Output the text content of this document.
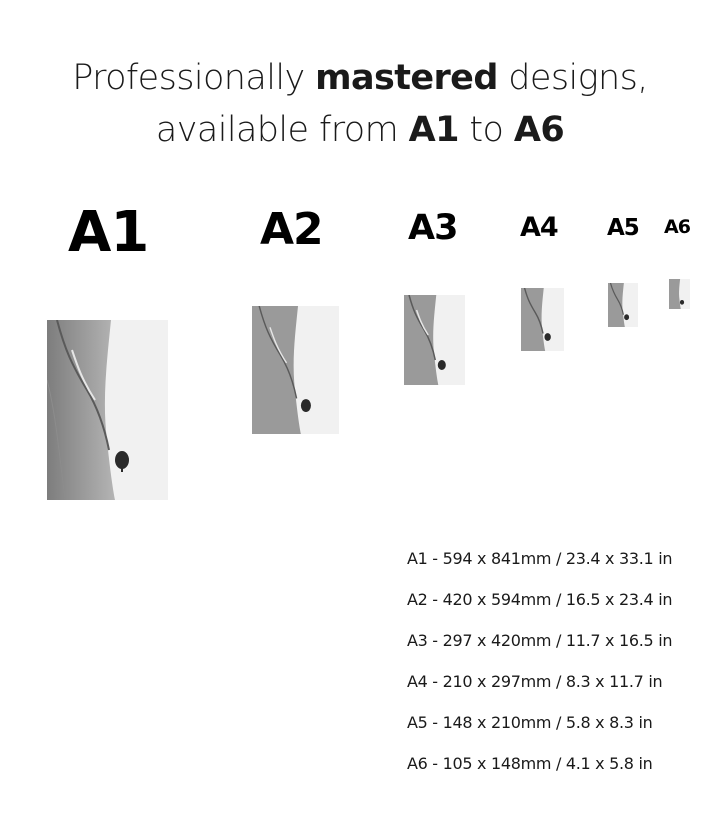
Professionally mastered designs,
available from A1 to A6
A1	A2 A3 A4 A5 A6
A1 - 594 x 841mm / 23.4 x 33.1 in
A2 - 420 x 594mm / 16.5 x 23.4 in
A3 - 297 x 420mm / 11.7 x 16.5 in
A4 - 210 x 297mm / 8.3 x 11.7 in
A5 - 148 x 210mm / 5.8 x 8.3 in
A6 - 105 x 148mm / 4.1 x 5.8 in
